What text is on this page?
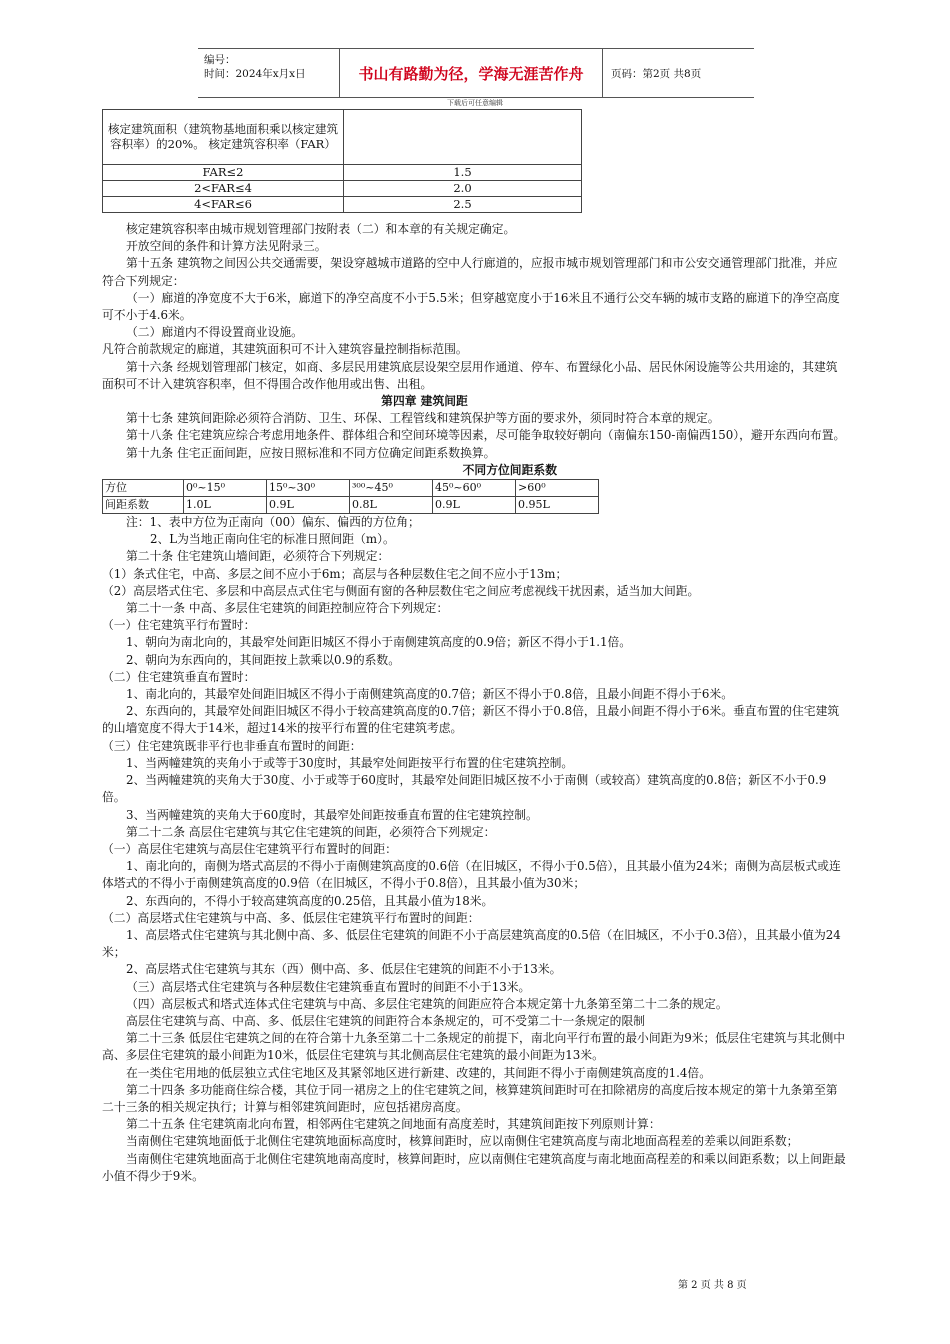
编号：
时间：2024年x月x日	书山有路勤为径，学海无涯苦作舟	页码：第2页 共8页
下载后可任意编辑
核定建筑面积（建筑物基地面积乘以核定建筑容积率）的20%。 核定建筑容积率（FAR）	
FAR≤2	1.5
2<FAR≤4	2.0
4<FAR≤6	2.5

核定建筑容积率由城市规划管理部门按附表（二）和本章的有关规定确定。

开放空间的条件和计算方法见附录三。

第十五条 建筑物之间因公共交通需要，架设穿越城市道路的空中人行廊道的，应报市城市规划管理部门和市公安交通管理部门批准，并应符合下列规定：

（一）廊道的净宽度不大于6米，廊道下的净空高度不小于5.5米；但穿越宽度小于16米且不通行公交车辆的城市支路的廊道下的净空高度可不小于4.6米。

（二）廊道内不得设置商业设施。

凡符合前款规定的廊道，其建筑面积可不计入建筑容量控制指标范围。

第十六条 经规划管理部门核定，如商、多层民用建筑底层设架空层用作通道、停车、布置绿化小品、居民休闲设施等公共用途的，其建筑面积可不计入建筑容积率，但不得围合改作他用或出售、出租。

第四章 建筑间距

第十七条 建筑间距除必须符合消防、卫生、环保、工程管线和建筑保护等方面的要求外，须同时符合本章的规定。

第十八条 住宅建筑应综合考虑用地条件、群体组合和空间环境等因素，尽可能争取较好朝向（南偏东150-南偏西150），避开东西向布置。

第十九条 住宅正面间距，应按日照标准和不同方位确定间距系数换算。

不同方位间距系数

方位	0⁰~15⁰	15⁰~30⁰	³⁰⁰~45⁰	45⁰~60⁰	>60⁰
间距系数	1.0L	0.9L	0.8L	0.9L	0.95L

注：1、表中方位为正南向（00）偏东、偏西的方位角；

2、L为当地正南向住宅的标准日照间距（m）。

第二十条 住宅建筑山墙间距，必须符合下列规定：

（1）条式住宅，中高、多层之间不应小于6m；高层与各种层数住宅之间不应小于13m；

（2）高层塔式住宅、多层和中高层点式住宅与侧面有窗的各种层数住宅之间应考虑视线干扰因素，适当加大间距。

第二十一条 中高、多层住宅建筑的间距控制应符合下列规定：

（一）住宅建筑平行布置时：

1、朝向为南北向的，其最窄处间距旧城区不得小于南侧建筑高度的0.9倍；新区不得小于1.1倍。

2、朝向为东西向的，其间距按上款乘以0.9的系数。

（二）住宅建筑垂直布置时：

1、南北向的，其最窄处间距旧城区不得小于南侧建筑高度的0.7倍；新区不得小于0.8倍，且最小间距不得小于6米。

2、东西向的，其最窄处间距旧城区不得小于较高建筑高度的0.7倍；新区不得小于0.8倍，且最小间距不得小于6米。垂直布置的住宅建筑的山墙宽度不得大于14米，超过14米的按平行布置的住宅建筑考虑。

（三）住宅建筑既非平行也非垂直布置时的间距：

1、当两幢建筑的夹角小于或等于30度时，其最窄处间距按平行布置的住宅建筑控制。

2、当两幢建筑的夹角大于30度、小于或等于60度时，其最窄处间距旧城区按不小于南侧（或较高）建筑高度的0.8倍；新区不小于0.9倍。

3、当两幢建筑的夹角大于60度时，其最窄处间距按垂直布置的住宅建筑控制。

第二十二条 高层住宅建筑与其它住宅建筑的间距，必须符合下列规定：

（一）高层住宅建筑与高层住宅建筑平行布置时的间距：

1、南北向的，南侧为塔式高层的不得小于南侧建筑高度的0.6倍（在旧城区，不得小于0.5倍），且其最小值为24米；南侧为高层板式或连体塔式的不得小于南侧建筑高度的0.9倍（在旧城区，不得小于0.8倍），且其最小值为30米；

2、东西向的，不得小于较高建筑高度的0.25倍，且其最小值为18米。

（二）高层塔式住宅建筑与中高、多、低层住宅建筑平行布置时的间距：

1、高层塔式住宅建筑与其北侧中高、多、低层住宅建筑的间距不小于高层建筑高度的0.5倍（在旧城区，不小于0.3倍），且其最小值为24米；

2、高层塔式住宅建筑与其东（西）侧中高、多、低层住宅建筑的间距不小于13米。

（三）高层塔式住宅建筑与各种层数住宅建筑垂直布置时的间距不小于13米。

（四）高层板式和塔式连体式住宅建筑与中高、多层住宅建筑的间距应符合本规定第十九条第至第二十二条的规定。

高层住宅建筑与高、中高、多、低层住宅建筑的间距符合本条规定的，可不受第二十一条规定的限制

第二十三条 低层住宅建筑之间的在符合第十九条至第二十二条规定的前提下，南北向平行布置的最小间距为9米；低层住宅建筑与其北侧中高、多层住宅建筑的最小间距为10米，低层住宅建筑与其北侧高层住宅建筑的最小间距为13米。

在一类住宅用地的低层独立式住宅地区及其紧邻地区进行新建、改建的，其间距不得小于南侧建筑高度的1.4倍。

第二十四条 多功能商住综合楼，其位于同一裙房之上的住宅建筑之间，核算建筑间距时可在扣除裙房的高度后按本规定的第十九条第至第二十三条的相关规定执行；计算与相邻建筑间距时，应包括裙房高度。

第二十五条 住宅建筑南北向布置，相邻两住宅建筑之间地面有高度差时，其建筑间距按下列原则计算：

当南侧住宅建筑地面低于北侧住宅建筑地面标高度时，核算间距时，应以南侧住宅建筑高度与南北地面高程差的差乘以间距系数；

当南侧住宅建筑地面高于北侧住宅建筑地南高度时，核算间距时，应以南侧住宅建筑高度与南北地面高程差的和乘以间距系数；以上间距最小值不得少于9米。

第 2 页 共 8 页
